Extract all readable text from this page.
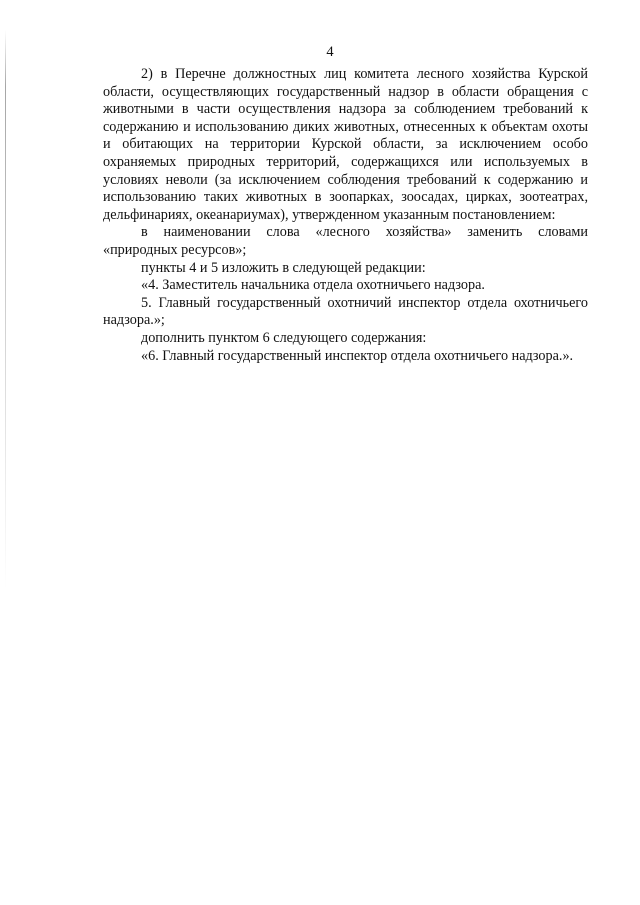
4

2) в Перечне должностных лиц комитета лесного хозяйства Курской области, осуществляющих государственный надзор в области обращения с животными в части осуществления надзора за соблюдением требований к содержанию и использованию диких животных, отнесенных к объектам охоты и обитающих на территории Курской области, за исключением особо охраняемых природных территорий, содержащихся или используемых в условиях неволи (за исключением соблюдения требований к содержанию и использованию таких животных в зоопарках, зоосадах, цирках, зоотеатрах, дельфинариях, океанариумах), утвержденном указанным постановлением:

в наименовании слова «лесного хозяйства» заменить словами «природных ресурсов»;

пункты 4 и 5 изложить в следующей редакции:

«4. Заместитель начальника отдела охотничьего надзора.

5. Главный государственный охотничий инспектор отдела охотничьего надзора.»;

дополнить пунктом 6 следующего содержания:

«6. Главный государственный инспектор отдела охотничьего надзора.».
